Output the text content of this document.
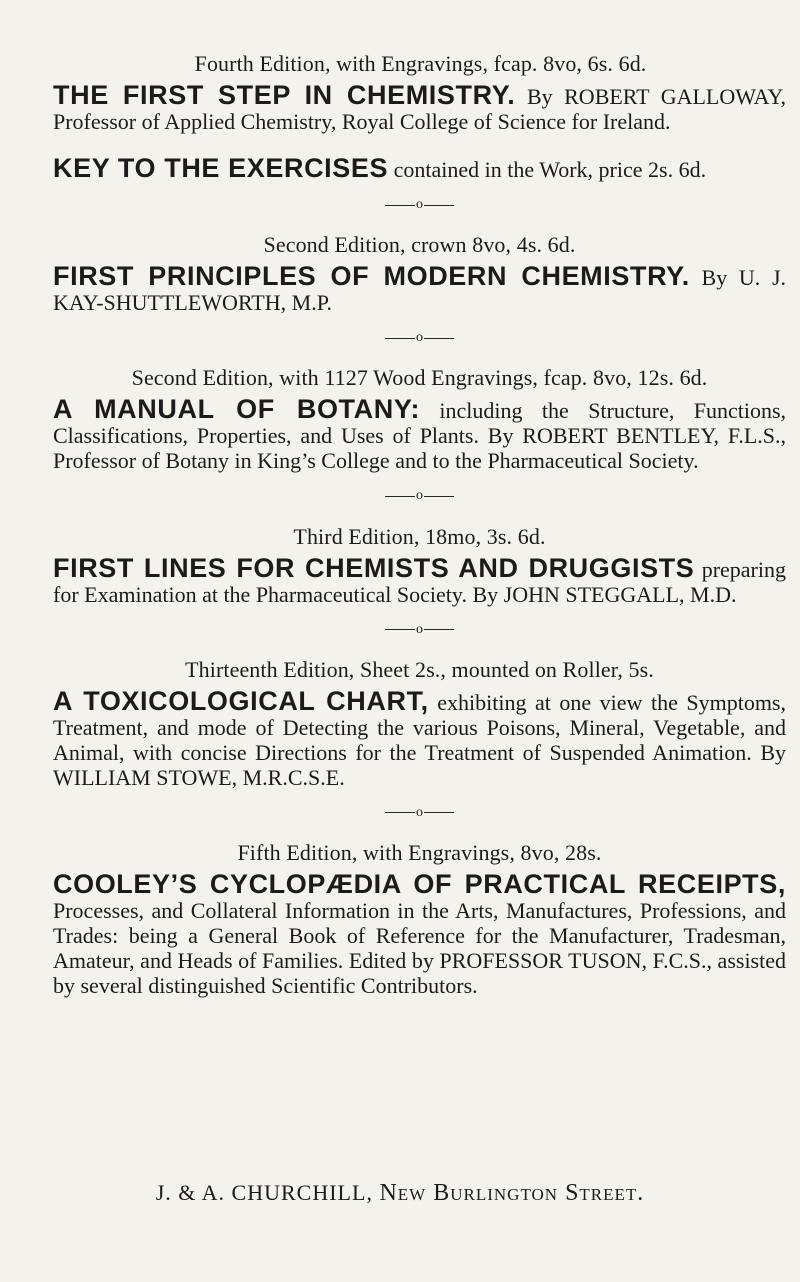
Fourth Edition, with Engravings, fcap. 8vo, 6s. 6d.
THE FIRST STEP IN CHEMISTRY. By ROBERT GALLOWAY, Professor of Applied Chemistry, Royal College of Science for Ireland.
KEY TO THE EXERCISES contained in the Work, price 2s. 6d.
o
Second Edition, crown 8vo, 4s. 6d.
FIRST PRINCIPLES OF MODERN CHEMISTRY. By U. J. KAY-SHUTTLEWORTH, M.P.
o
Second Edition, with 1127 Wood Engravings, fcap. 8vo, 12s. 6d.
A MANUAL OF BOTANY: including the Structure, Functions, Classifications, Properties, and Uses of Plants. By ROBERT BENTLEY, F.L.S., Professor of Botany in King’s College and to the Pharmaceutical Society.
o
Third Edition, 18mo, 3s. 6d.
FIRST LINES FOR CHEMISTS AND DRUGGISTS preparing for Examination at the Pharmaceutical Society. By JOHN STEGGALL, M.D.
o
Thirteenth Edition, Sheet 2s., mounted on Roller, 5s.
A TOXICOLOGICAL CHART, exhibiting at one view the Symptoms, Treatment, and mode of Detecting the various Poisons, Mineral, Vegetable, and Animal, with concise Directions for the Treatment of Suspended Animation. By WILLIAM STOWE, M.R.C.S.E.
o
Fifth Edition, with Engravings, 8vo, 28s.
COOLEY’S CYCLOPÆDIA OF PRACTICAL RECEIPTS, Processes, and Collateral Information in the Arts, Manufactures, Professions, and Trades: being a General Book of Reference for the Manufacturer, Tradesman, Amateur, and Heads of Families. Edited by PROFESSOR TUSON, F.C.S., assisted by several distinguished Scientific Contributors.
J. & A. CHURCHILL, New Burlington Street.
